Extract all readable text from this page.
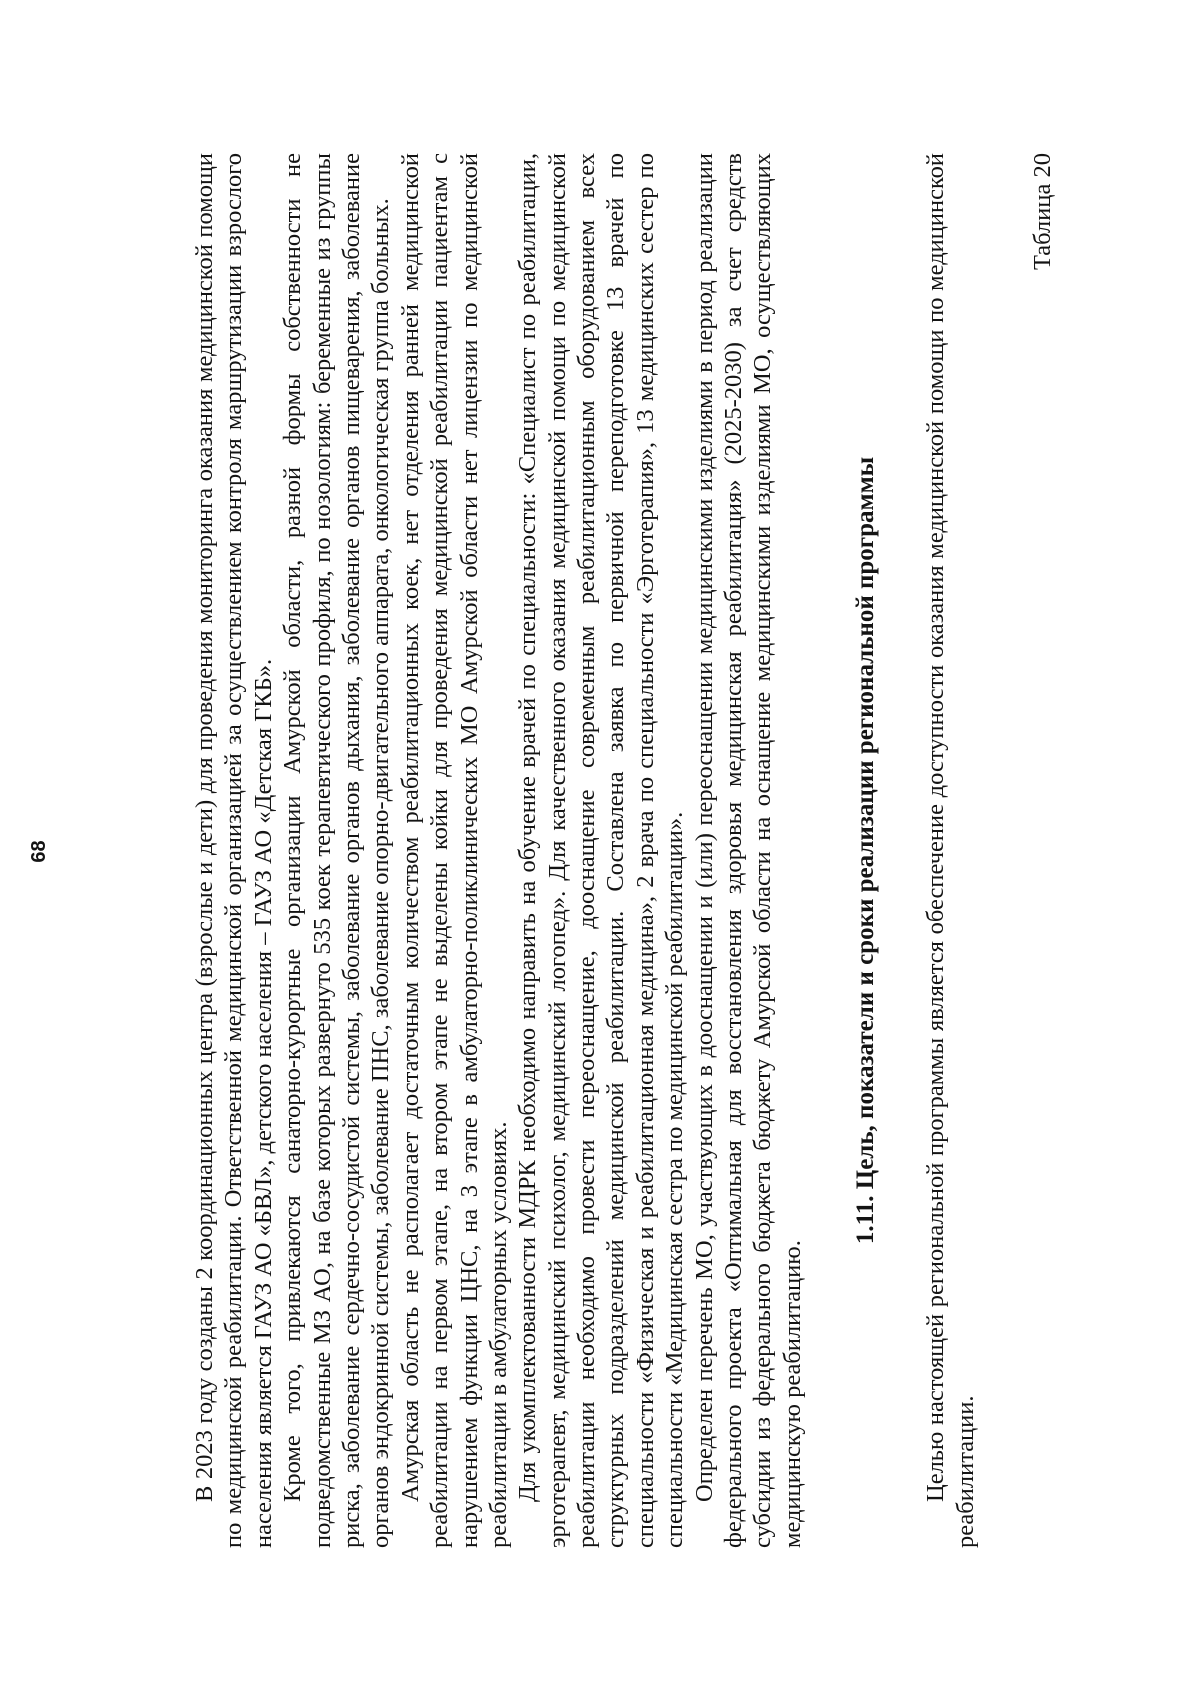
68	В 2023 году созданы 2 координационных центра (взрослые и дети) для проведения мониторинга оказания медицинской помощи по медицинской реабилитации. Ответственной медицинской организацией за осуществлением контроля маршрутизации взрослого населения является ГАУЗ АО «БВЛ», детского населения – ГАУЗ АО «Детская ГКБ». Кроме того, привлекаются санаторно-курортные организации Амурской области, разной формы собственности не подведомственные МЗ АО, на базе которых развернуто 535 коек терапевтического профиля, по нозологиям: беременные из группы риска, заболевание сердечно-сосудистой системы, заболевание органов дыхания, заболевание органов пищеварения, заболевание органов эндокринной системы, заболевание ПНС, заболевание опорно-двигательного аппарата, онкологическая группа больных. Амурская область не располагает достаточным количеством реабилитационных коек, нет отделения ранней медицинской реабилитации на первом этапе, на втором этапе не выделены койки для проведения медицинской реабилитации пациентам с нарушением функции ЦНС, на 3 этапе в амбулаторно-поликлинических МО Амурской области нет лицензии по медицинской реабилитации в амбулаторных условиях. Для укомплектованности МДРК необходимо направить на обучение врачей по специальности: «Специалист по реабилитации, эрготерапевт, медицинский психолог, медицинский логопед». Для качественного оказания медицинской помощи по медицинской реабилитации необходимо провести переоснащение, дооснащение современным реабилитационным оборудованием всех структурных подразделений медицинской реабилитации. Составлена заявка по первичной переподготовке 13 врачей по специальности «Физическая и реабилитационная медицина», 2 врача по специальности «Эрготерапия», 13 медицинских сестер по специальности «Медицинская сестра по медицинской реабилитации». Определен перечень МО, участвующих в дооснащении и (или) переоснащении медицинскими изделиями в период реализации федерального проекта «Оптимальная для восстановления здоровья медицинская реабилитация» (2025-2030) за счет средств субсидии из федерального бюджета бюджету Амурской области на оснащение медицинскими изделиями МО, осуществляющих медицинскую реабилитацию.

1.11. Цель, показатели и сроки реализации региональной программы Целью настоящей региональной программы является обеспечение доступности оказания медицинской помощи по медицинской реабилитации.

Таблица 20
